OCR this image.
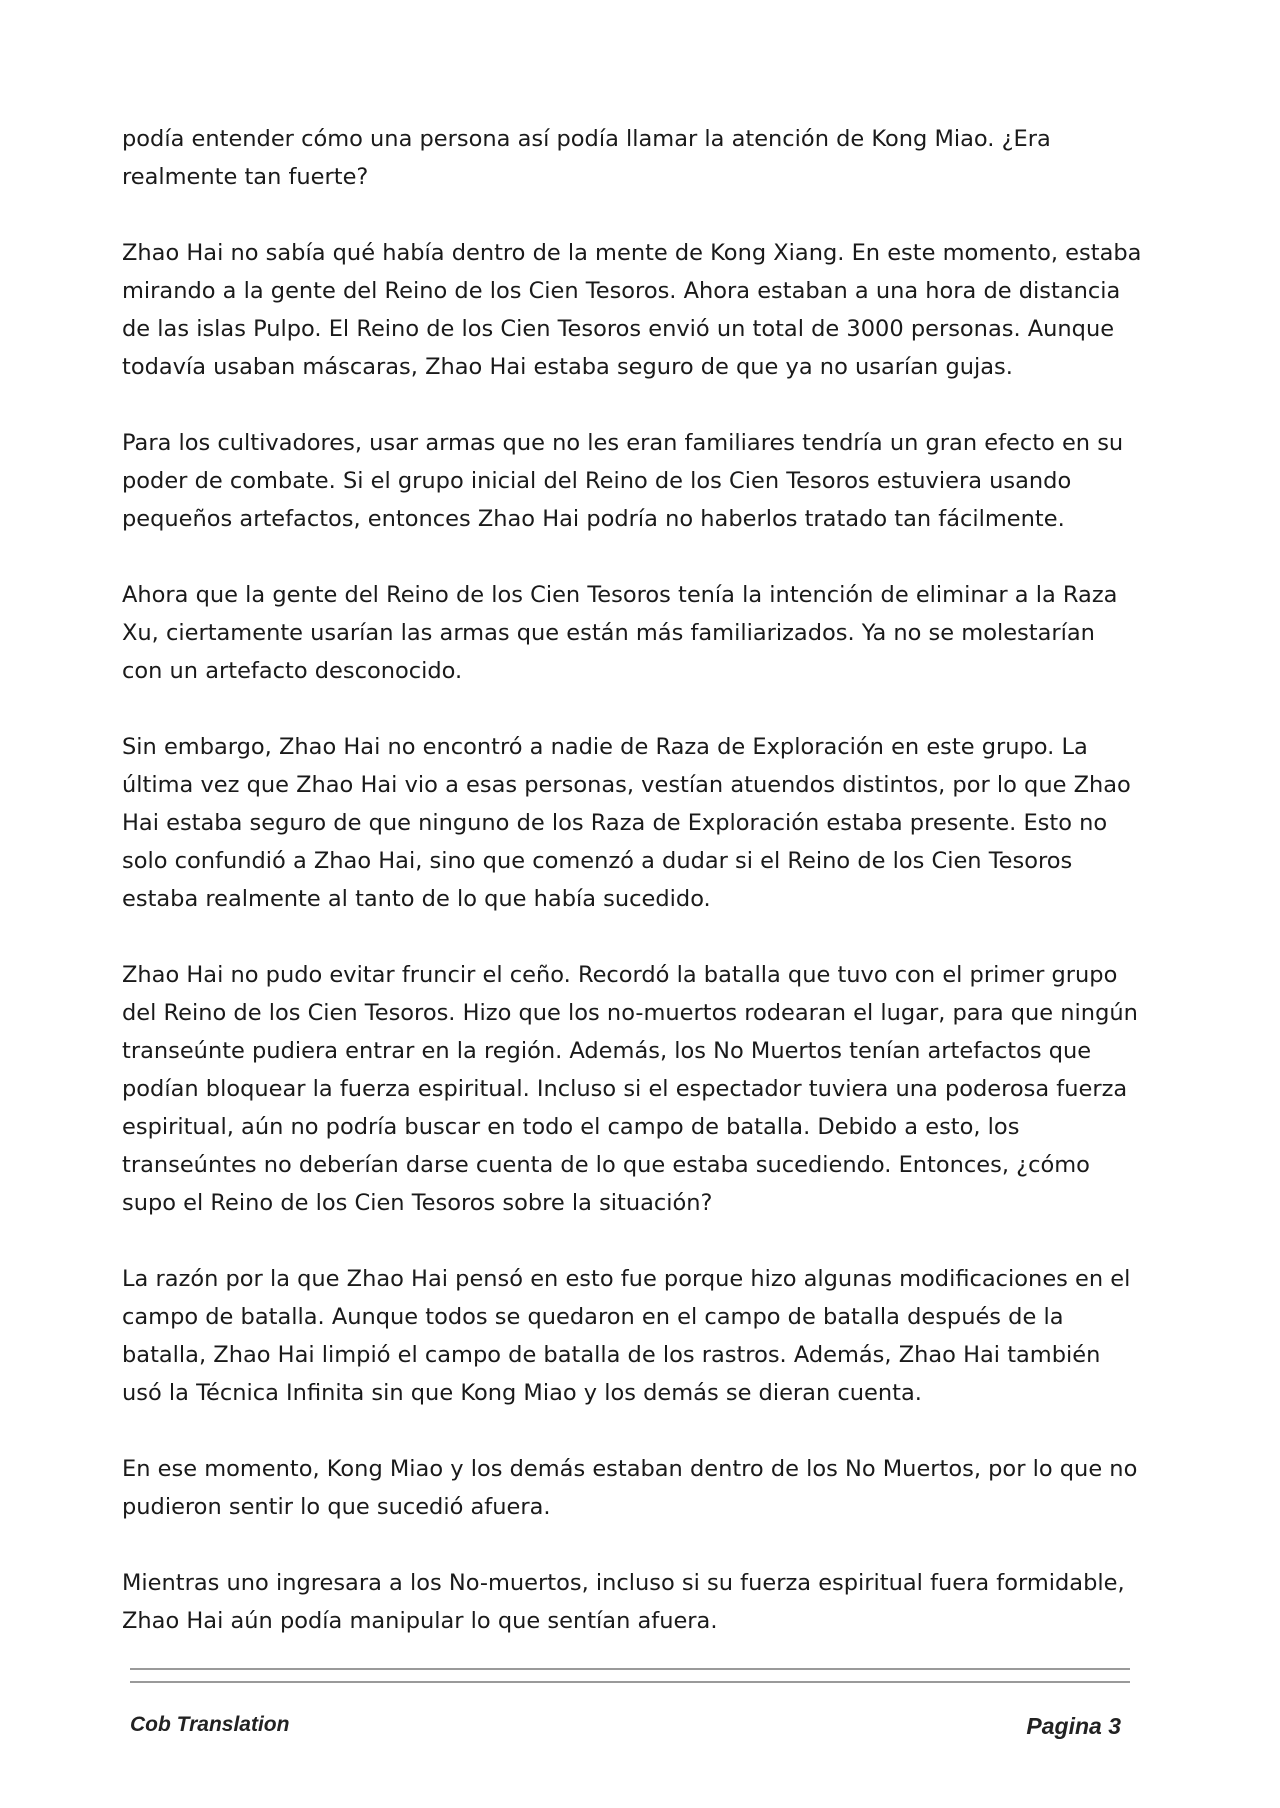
podía entender cómo una persona así podía llamar la atención de Kong Miao. ¿Era realmente tan fuerte?

Zhao Hai no sabía qué había dentro de la mente de Kong Xiang. En este momento, estaba mirando a la gente del Reino de los Cien Tesoros. Ahora estaban a una hora de distancia de las islas Pulpo. El Reino de los Cien Tesoros envió un total de 3000 personas. Aunque todavía usaban máscaras, Zhao Hai estaba seguro de que ya no usarían gujas.

Para los cultivadores, usar armas que no les eran familiares tendría un gran efecto en su poder de combate. Si el grupo inicial del Reino de los Cien Tesoros estuviera usando pequeños artefactos, entonces Zhao Hai podría no haberlos tratado tan fácilmente.

Ahora que la gente del Reino de los Cien Tesoros tenía la intención de eliminar a la Raza Xu, ciertamente usarían las armas que están más familiarizados. Ya no se molestarían con un artefacto desconocido.

Sin embargo, Zhao Hai no encontró a nadie de Raza de Exploración en este grupo. La última vez que Zhao Hai vio a esas personas, vestían atuendos distintos, por lo que Zhao Hai estaba seguro de que ninguno de los Raza de Exploración estaba presente. Esto no solo confundió a Zhao Hai, sino que comenzó a dudar si el Reino de los Cien Tesoros estaba realmente al tanto de lo que había sucedido.

Zhao Hai no pudo evitar fruncir el ceño. Recordó la batalla que tuvo con el primer grupo del Reino de los Cien Tesoros. Hizo que los no-muertos rodearan el lugar, para que ningún transeúnte pudiera entrar en la región. Además, los No Muertos tenían artefactos que podían bloquear la fuerza espiritual. Incluso si el espectador tuviera una poderosa fuerza espiritual, aún no podría buscar en todo el campo de batalla. Debido a esto, los transeúntes no deberían darse cuenta de lo que estaba sucediendo. Entonces, ¿cómo supo el Reino de los Cien Tesoros sobre la situación?

La razón por la que Zhao Hai pensó en esto fue porque hizo algunas modificaciones en el campo de batalla. Aunque todos se quedaron en el campo de batalla después de la batalla, Zhao Hai limpió el campo de batalla de los rastros. Además, Zhao Hai también usó la Técnica Infinita sin que Kong Miao y los demás se dieran cuenta.

En ese momento, Kong Miao y los demás estaban dentro de los No Muertos, por lo que no pudieron sentir lo que sucedió afuera.

Mientras uno ingresara a los No-muertos, incluso si su fuerza espiritual fuera formidable, Zhao Hai aún podía manipular lo que sentían afuera.

Cob Translation	Pagina 3
